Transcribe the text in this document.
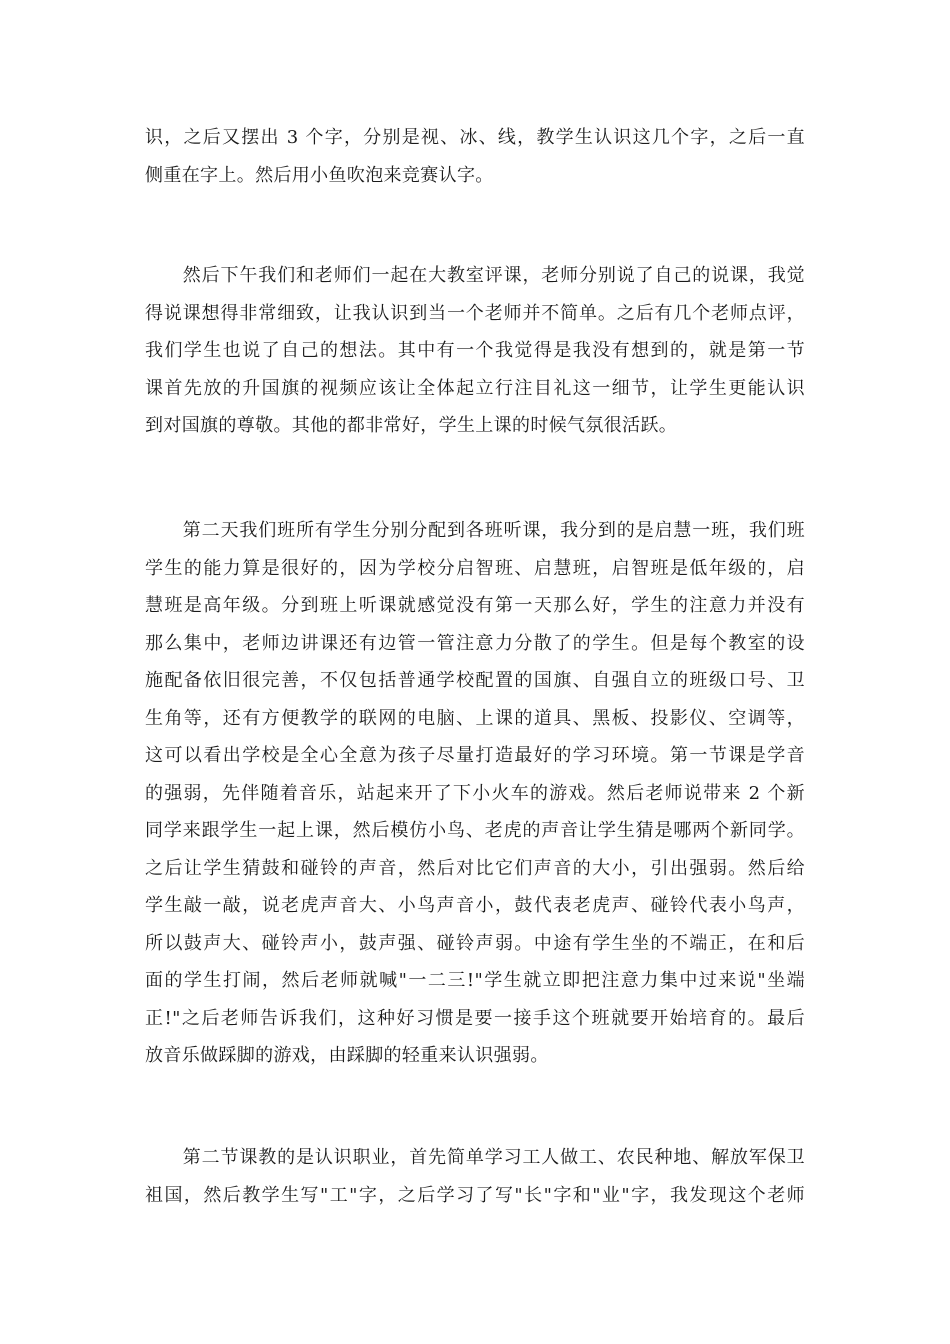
识，之后又摆出 3 个字，分别是视、冰、线，教学生认识这几个字，之后一直
侧重在字上。然后用小鱼吹泡来竞赛认字。
　　然后下午我们和老师们一起在大教室评课，老师分别说了自己的说课，我觉
得说课想得非常细致，让我认识到当一个老师并不简单。之后有几个老师点评，
我们学生也说了自己的想法。其中有一个我觉得是我没有想到的，就是第一节
课首先放的升国旗的视频应该让全体起立行注目礼这一细节，让学生更能认识
到对国旗的尊敬。其他的都非常好，学生上课的时候气氛很活跃。
　　第二天我们班所有学生分别分配到各班听课，我分到的是启慧一班，我们班
学生的能力算是很好的，因为学校分启智班、启慧班，启智班是低年级的，启
慧班是高年级。分到班上听课就感觉没有第一天那么好，学生的注意力并没有
那么集中，老师边讲课还有边管一管注意力分散了的学生。但是每个教室的设
施配备依旧很完善，不仅包括普通学校配置的国旗、自强自立的班级口号、卫
生角等，还有方便教学的联网的电脑、上课的道具、黑板、投影仪、空调等，
这可以看出学校是全心全意为孩子尽量打造最好的学习环境。第一节课是学音
的强弱，先伴随着音乐，站起来开了下小火车的游戏。然后老师说带来 2 个新
同学来跟学生一起上课，然后模仿小鸟、老虎的声音让学生猜是哪两个新同学。
之后让学生猜鼓和碰铃的声音，然后对比它们声音的大小，引出强弱。然后给
学生敲一敲，说老虎声音大、小鸟声音小，鼓代表老虎声、碰铃代表小鸟声，
所以鼓声大、碰铃声小，鼓声强、碰铃声弱。中途有学生坐的不端正，在和后
面的学生打闹，然后老师就喊"一二三!"学生就立即把注意力集中过来说"坐端
正!"之后老师告诉我们，这种好习惯是要一接手这个班就要开始培育的。最后
放音乐做踩脚的游戏，由踩脚的轻重来认识强弱。
　　第二节课教的是认识职业，首先简单学习工人做工、农民种地、解放军保卫
祖国，然后教学生写"工"字，之后学习了写"长"字和"业"字，我发现这个老师
